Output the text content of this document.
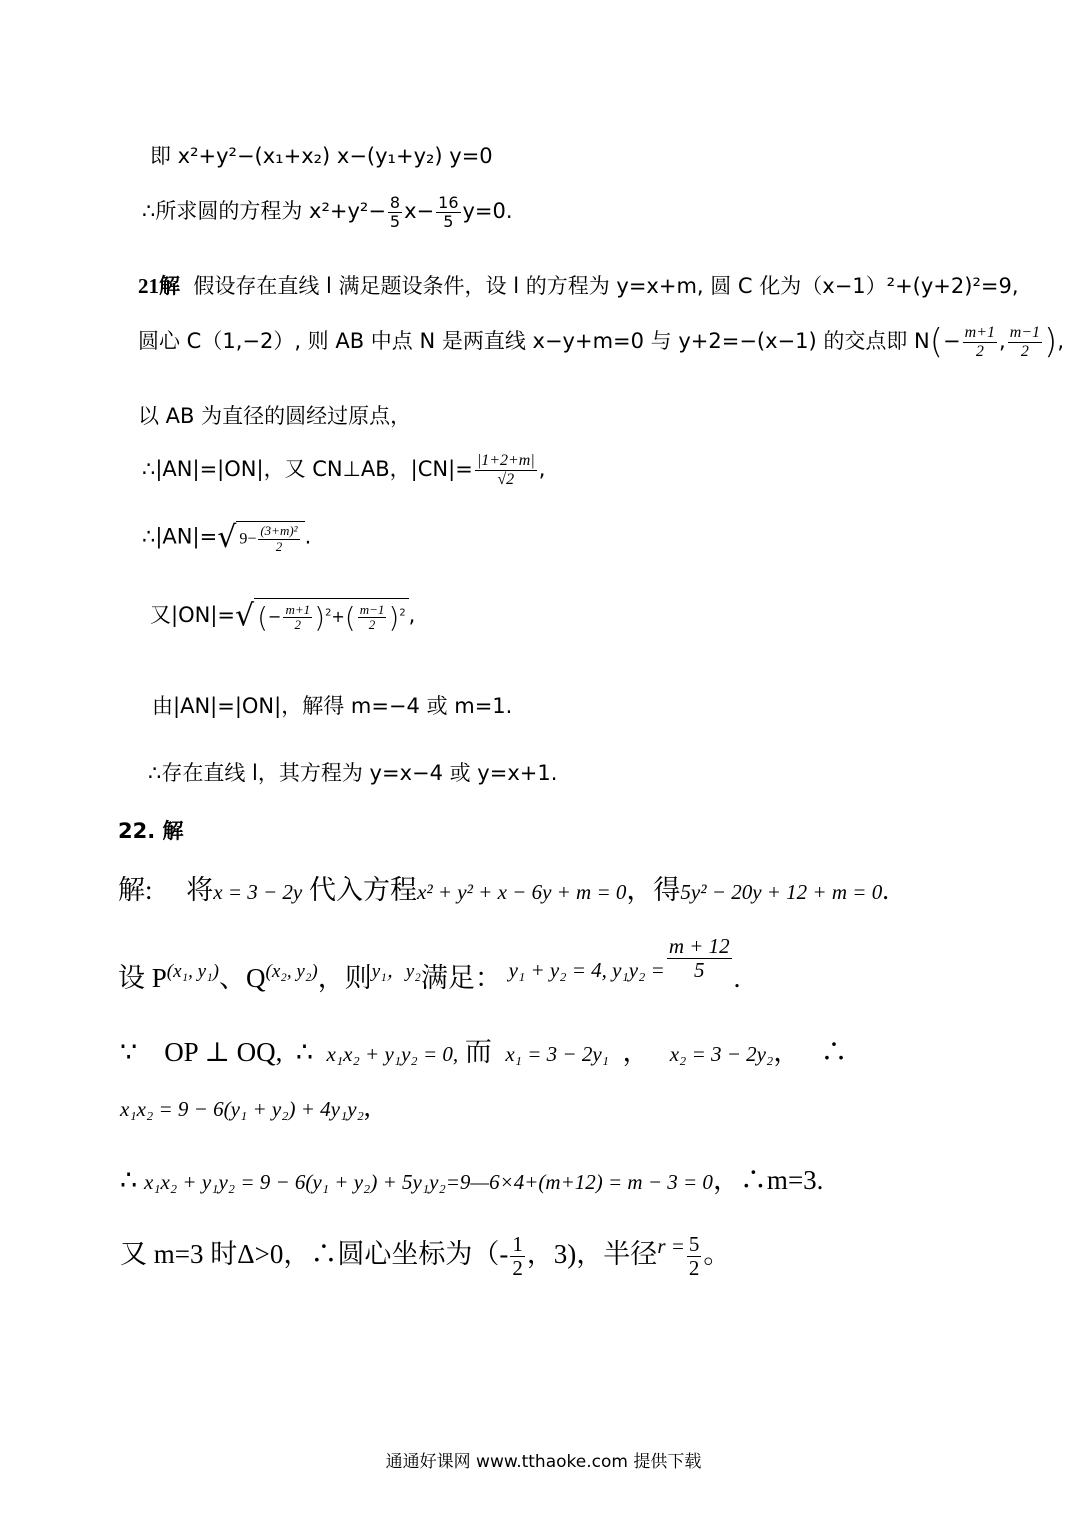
即 x²+y²−(x₁+x₂) x−(y₁+y₂) y=0
∴所求圆的方程为 $x^2+y^2- \frac{8}{5} x- \frac{16}{5} y=0$.
21解 假设存在直线 l 满足题设条件，设 l 的方程为 y=x+m, 圆 C 化为（x−1）²+(y+2)²=9,
圆心 C（1,−2）, 则 AB 中点 N 是两直线 x−y+m=0 与 y+2=−(x−1) 的交点即 $N(- \frac{m+1}{2}$ , $\frac{m-1}{2}$ ),
以 AB 为直径的圆经过原点，
∴|AN|=|ON|，又 CN⊥AB，$|CN|= \frac{|1+2+m|}{√2}$ ,
∴|AN|=√ $9- \frac{\text{(3+m)²}}{2}$ .
又|ON|=√ (− $\frac{m+1}{2} )^2+( \frac{m-1}{2} )^2$ ,
由|AN|=|ON|，解得 m=−4 或 m=1.
∴存在直线 l，其方程为 y=x−4 或 y=x+1.
22. 解
解: 将x = 3 − 2y 代入方程x² + y² + x − 6y + m = 0，得5y² − 20y + 12 + m = 0.
设 $P^{(x_1, y_1)}$、$Q^{(x_2, y_2)}$，则$^{y_1,y_2}$满足： $^{y_1 + y_2 = 4, y_1y_2 =} \frac{m + 12}{5}$ .
∵ OP ⊥ OQ, ∴ x₁x₂ + y₁y₂ = 0, 而 x₁ = 3 − 2y₁ ， x₂ = 3 − 2y₂， ∴
x₁x₂ = 9 − 6(y₁ + y₂) + 4y₁y₂,
∴ x₁x₂ + y₁y₂ = 9 − 6(y₁ + y₂) + 5y₁y₂=9—6×4+(m+12) = m − 3 = 0，∴m=3.
又 m=3 时Δ>0，∴圆心坐标为（- $\frac{1}{2}$ ，3)，半径$^{r =} \frac{5}{2}$ 。
通通好课网 www.tthaoke.com 提供下载
